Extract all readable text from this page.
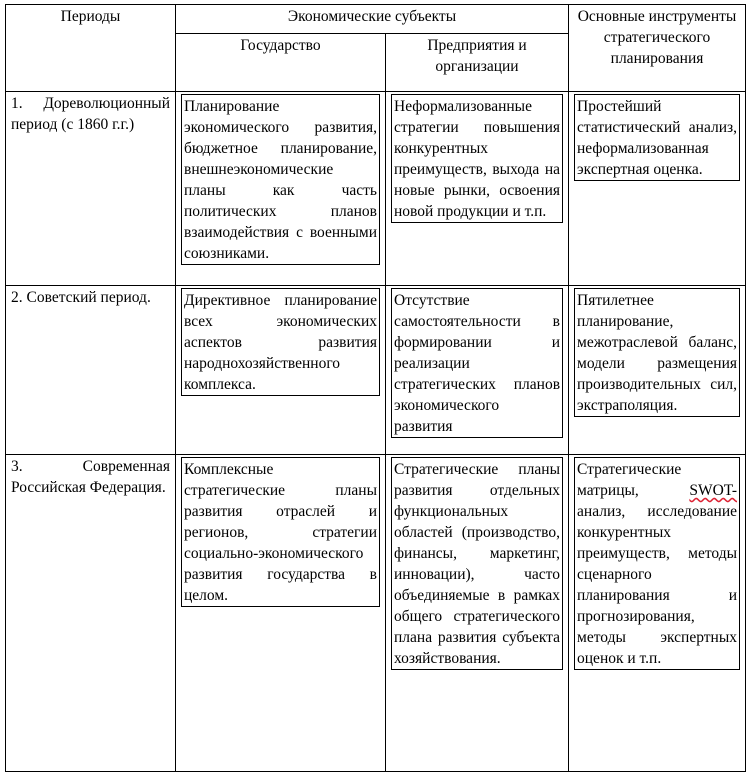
Периоды	Экономические субъекты		Основные инструменты стратегического планирования
	Государство	Предприятия и организации	
1. Дореволюционный период (с 1860 г.г.)	Планирование экономического развития, бюджетное планирование, внешнеэкономические планы как часть политических планов взаимодействия с военными союзниками.	Неформализованные стратегии повышения конкурентных преимуществ, выхода на новые рынки, освоения новой продукции и т.п.	Простейший статистический анализ, неформализованная экспертная оценка.

2. Советский период.	Директивное планирование всех экономических аспектов развития народнохозяйственного комплекса.	Отсутствие самостоятельности в формировании и реализации стратегических планов экономического развития	Пятилетнее планирование, межотраслевой баланс, модели размещения производительных сил, экстраполяция.

3. Современная Российская Федерация.	Комплексные стратегические планы развития отраслей и регионов, стратегии социально-экономического развития государства в целом.	Стратегические планы развития отдельных функциональных областей (производство, финансы, маркетинг, инновации), часто объединяемые в рамках общего стратегического плана развития субъекта хозяйствования.	Стратегические матрицы, SWOT- анализ, исследование конкурентных преимуществ, методы сценарного планирования и прогнозирования, методы экспертных оценок и т.п.
